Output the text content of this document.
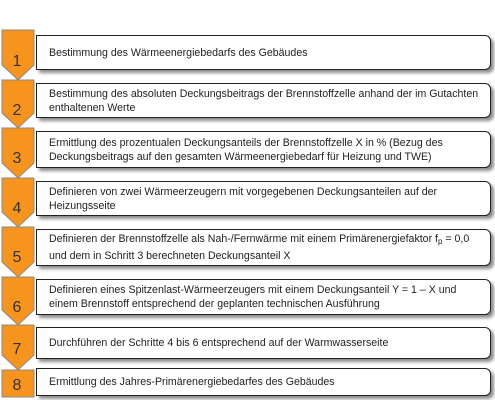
1
2
3
4
5
6
7
8
Bestimmung des Wärmeenergiebedarfs des Gebäudes
Bestimmung des absoluten Deckungsbeitrags der Brennstoffzelle anhand der im Gutachten enthaltenen Werte
Ermittlung des prozentualen Deckungsanteils der Brennstoffzelle X in % (Bezug des Deckungsbeitrags auf den gesamten Wärmeenergiebedarf für Heizung und TWE)
Definieren von zwei Wärmeerzeugern mit vorgegebenen Deckungsanteilen auf der Heizungsseite
Definieren der Brennstoffzelle als Nah-/Fernwärme mit einem Primärenergiefaktor $f_p = 0,0$ und dem in Schritt 3 berechneten Deckungsanteil X
Definieren eines Spitzenlast-Wärmeerzeugers mit einem Deckungsanteil Y = 1 – X und einem Brennstoff entsprechend der geplanten technischen Ausführung
Durchführen der Schritte 4 bis 6 entsprechend auf der Warmwasserseite
Ermittlung des Jahres-Primärenergiebedarfes des Gebäudes
